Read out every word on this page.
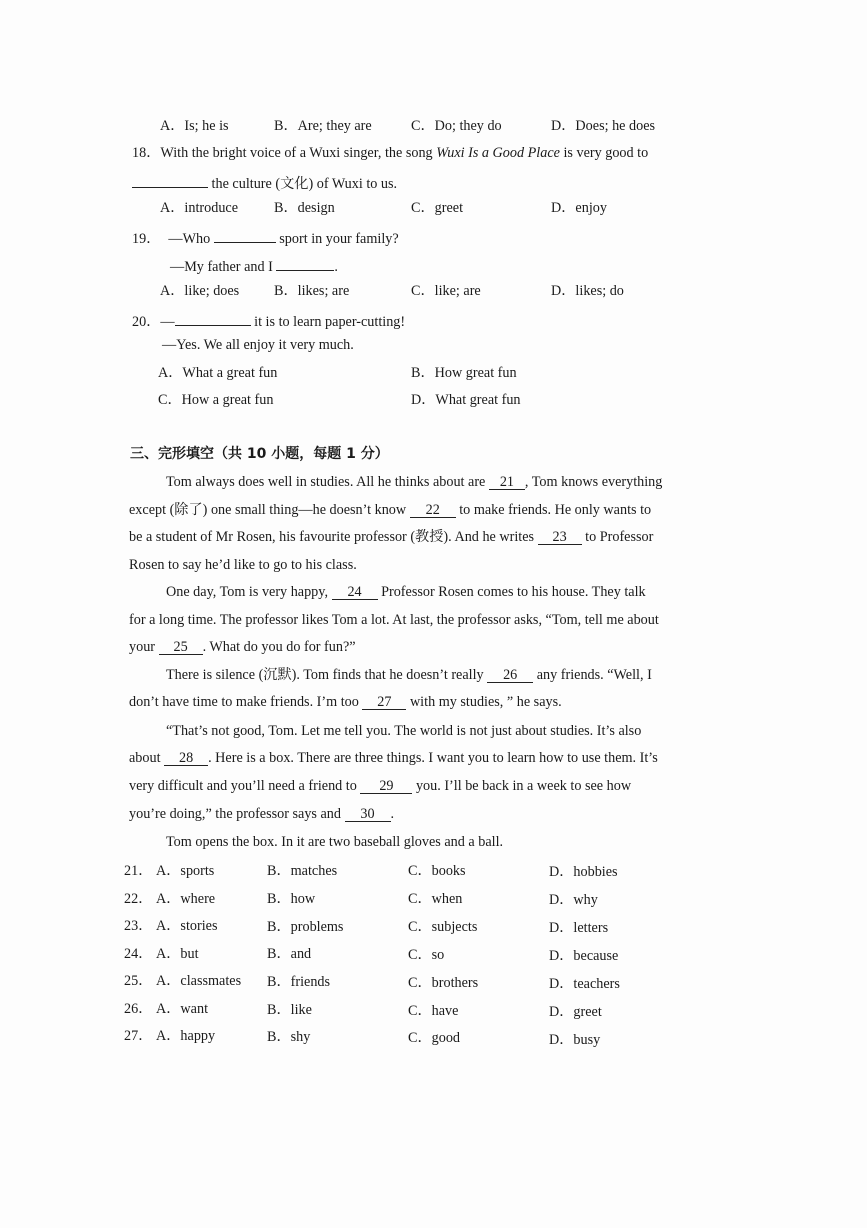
A．Is; he is	B．Are; they are	C．Do; they do	D．Does; he does
18．With the bright voice of a Wuxi singer, the song Wuxi Is a Good Place is very good to
the culture (文化) of Wuxi to us.
A．introduce	B．design	C．greet	D．enjoy
19． —Who	sport in your family?
—My father and I	.
A．like; does B．likes; are	C．like; are	D．likes; do
20．—	it is to learn paper-cutting!
—Yes. We all enjoy it very much.
A．What a great fun	B．How great fun
C．How a great fun	D．What great fun
三、完形填空（共 10 小题，每题 1 分）
Tom always does well in studies. All he thinks about are 21 , Tom knows everything
except (除了) one small thing—he doesn’t know 22 to make friends. He only wants to
be a student of Mr Rosen, his favourite professor (教授). And he writes 23 to Professor
Rosen to say he’d like to go to his class.
One day, Tom is very happy, 24 Professor Rosen comes to his house. They talk
for a long time. The professor likes Tom a lot. At last, the professor asks, “Tom, tell me about
your 25 . What do you do for fun?”
There is silence (沉默). Tom finds that he doesn’t really 26 any friends. “Well, I
don’t have time to make friends. I’m too 27 with my studies, ” he says.
“That’s not good, Tom. Let me tell you. The world is not just about studies. It’s also
about 28 . Here is a box. There are three things. I want you to learn how to use them. It’s
very difficult and you’ll need a friend to 29 you. I’ll be back in a week to see how
you’re doing,” the professor says and 30 .
Tom opens the box. In it are two baseball gloves and a ball.
21． A．sports	B．matches	C．books	D．hobbies
22． A．where	B．how	C．when	D．why
23． A．stories	B．problems	C．subjects	D．letters
24． A．but	B．and	C．so	D．because
25． A．classmates B．friends	C．brothers	D．teachers
26． A．want	B．like	C．have	D．greet
27． A．happy	B．shy	C．good	D．busy
